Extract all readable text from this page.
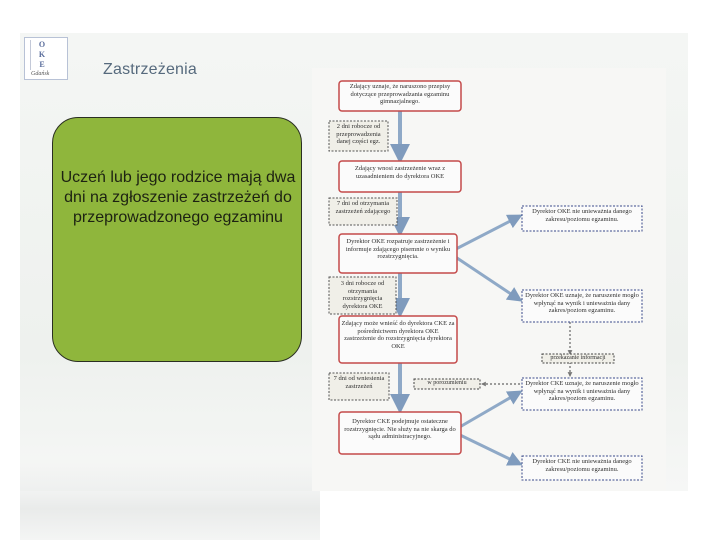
O
K
E
Gdańsk	Zastrzeżenia
Uczeń lub jego rodzice mają dwa dni na zgłoszenie zastrzeżeń do przeprowadzonego egzaminu
Zdający uznaje, że naruszono przepisy dotyczące przeprowadzania egzaminu gimnazjalnego.
Zdający wnosi zastrzeżenie wraz z uzasadnieniem do dyrektora OKE
Dyrektor OKE rozpatruje zastrzeżenie i informuje zdającego pisemnie o wyniku rozstrzygnięcia.
Zdający może wnieść do dyrektora CKE za pośrednictwem dyrektora OKE zastrzeżenie do rozstrzygnięcia dyrektora OKE
Dyrektor CKE podejmuje ostateczne rozstrzygnięcie. Nie służy na nie skarga do sądu administracyjnego.
2 dni robocze od przeprowadzenia danej części egz.
7 dni od otrzymania zastrzeżeń zdającego
3 dni robocze od otrzymania rozstrzygnięcia dyrektora OKE
7 dni od wniesienia zastrzeżeń
Dyrektor OKE nie unieważnia danego zakresu/poziomu egzaminu.
Dyrektor OKE uznaje, że naruszenie mogło wpłynąć na wynik i unieważnia dany zakres/poziom egzaminu.
Dyrektor CKE uznaje, że naruszenie mogło wpłynąć na wynik i unieważnia dany zakres/poziom egzaminu.
Dyrektor CKE nie unieważnia danego zakresu/poziomu egzaminu.
przekazanie informacji
w porozumieniu
